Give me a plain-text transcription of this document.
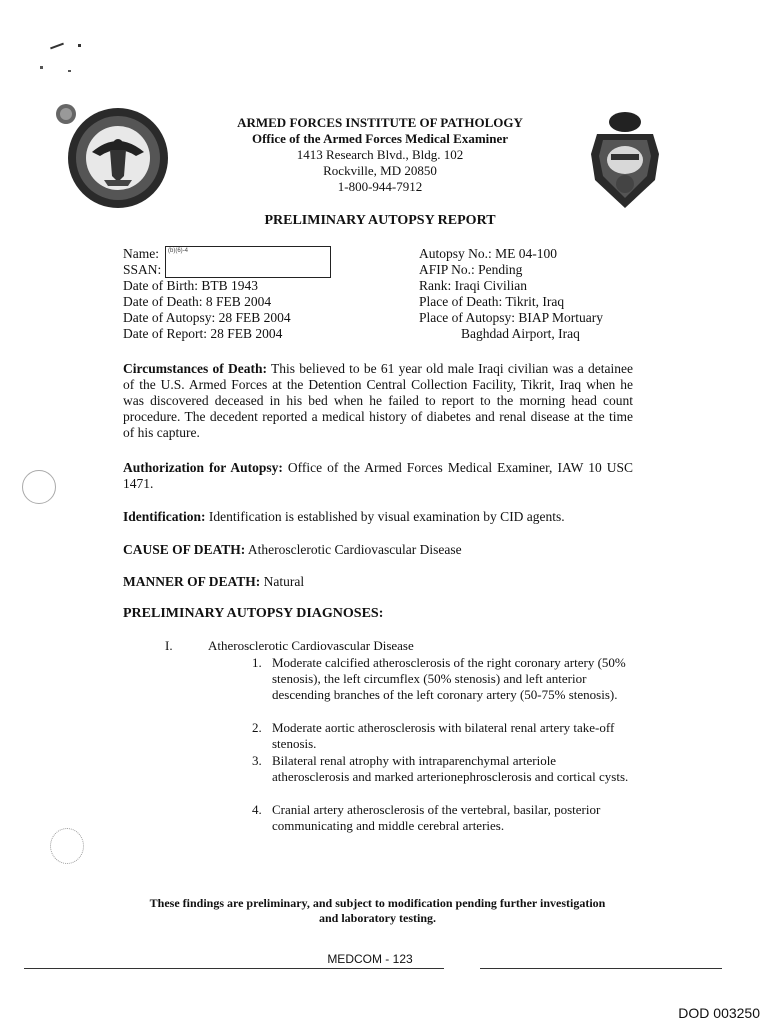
ARMED FORCES INSTITUTE OF PATHOLOGY
Office of the Armed Forces Medical Examiner
1413 Research Blvd., Bldg. 102
Rockville, MD 20850
1-800-944-7912
PRELIMINARY AUTOPSY REPORT
Name:
SSAN:
(b)(6)-4
Date of Birth: BTB 1943
Date of Death: 8 FEB 2004
Date of Autopsy: 28 FEB 2004
Date of Report: 28 FEB 2004
Autopsy No.: ME 04-100
AFIP No.: Pending
Rank: Iraqi Civilian
Place of Death: Tikrit, Iraq
Place of Autopsy: BIAP Mortuary
Baghdad Airport, Iraq
Circumstances of Death: This believed to be 61 year old male Iraqi civilian was a detainee of the U.S. Armed Forces at the Detention Central Collection Facility, Tikrit, Iraq when he was discovered deceased in his bed when he failed to report to the morning head count procedure. The decedent reported a medical history of diabetes and renal disease at the time of his capture.
Authorization for Autopsy: Office of the Armed Forces Medical Examiner, IAW 10 USC 1471.
Identification: Identification is established by visual examination by CID agents.
CAUSE OF DEATH: Atherosclerotic Cardiovascular Disease
MANNER OF DEATH: Natural
PRELIMINARY AUTOPSY DIAGNOSES:
I.	Atherosclerotic Cardiovascular Disease
1. Moderate calcified atherosclerosis of the right coronary artery (50% stenosis), the left circumflex (50% stenosis) and left anterior descending branches of the left coronary artery (50-75% stenosis).
2. Moderate aortic atherosclerosis with bilateral renal artery take-off stenosis.
3. Bilateral renal atrophy with intraparenchymal arteriole atherosclerosis and marked arterionephrosclerosis and cortical cysts.
4. Cranial artery atherosclerosis of the vertebral, basilar, posterior communicating and middle cerebral arteries.
These findings are preliminary, and subject to modification pending further investigation
and laboratory testing.
MEDCOM - 123
DOD 003250
